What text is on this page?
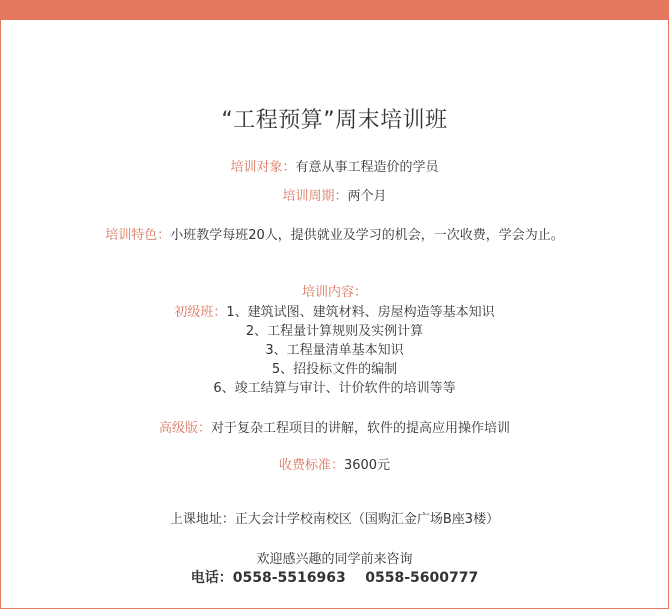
“工程预算”周末培训班
培训对象：有意从事工程造价的学员
培训周期：两个月
培训特色：小班教学每班20人，提供就业及学习的机会，一次收费，学会为止。
培训内容：
初级班：1、建筑试图、建筑材料、房屋构造等基本知识
2、工程量计算规则及实例计算
3、工程量清单基本知识
5、招投标文件的编制
6、竣工结算与审计、计价软件的培训等等
高级版：对于复杂工程项目的讲解，软件的提高应用操作培训
收费标准：3600元
上课地址：正大会计学校南校区（国购汇金广场B座3楼）
欢迎感兴趣的同学前来咨询
电话：0558-5516963    0558-5600777
